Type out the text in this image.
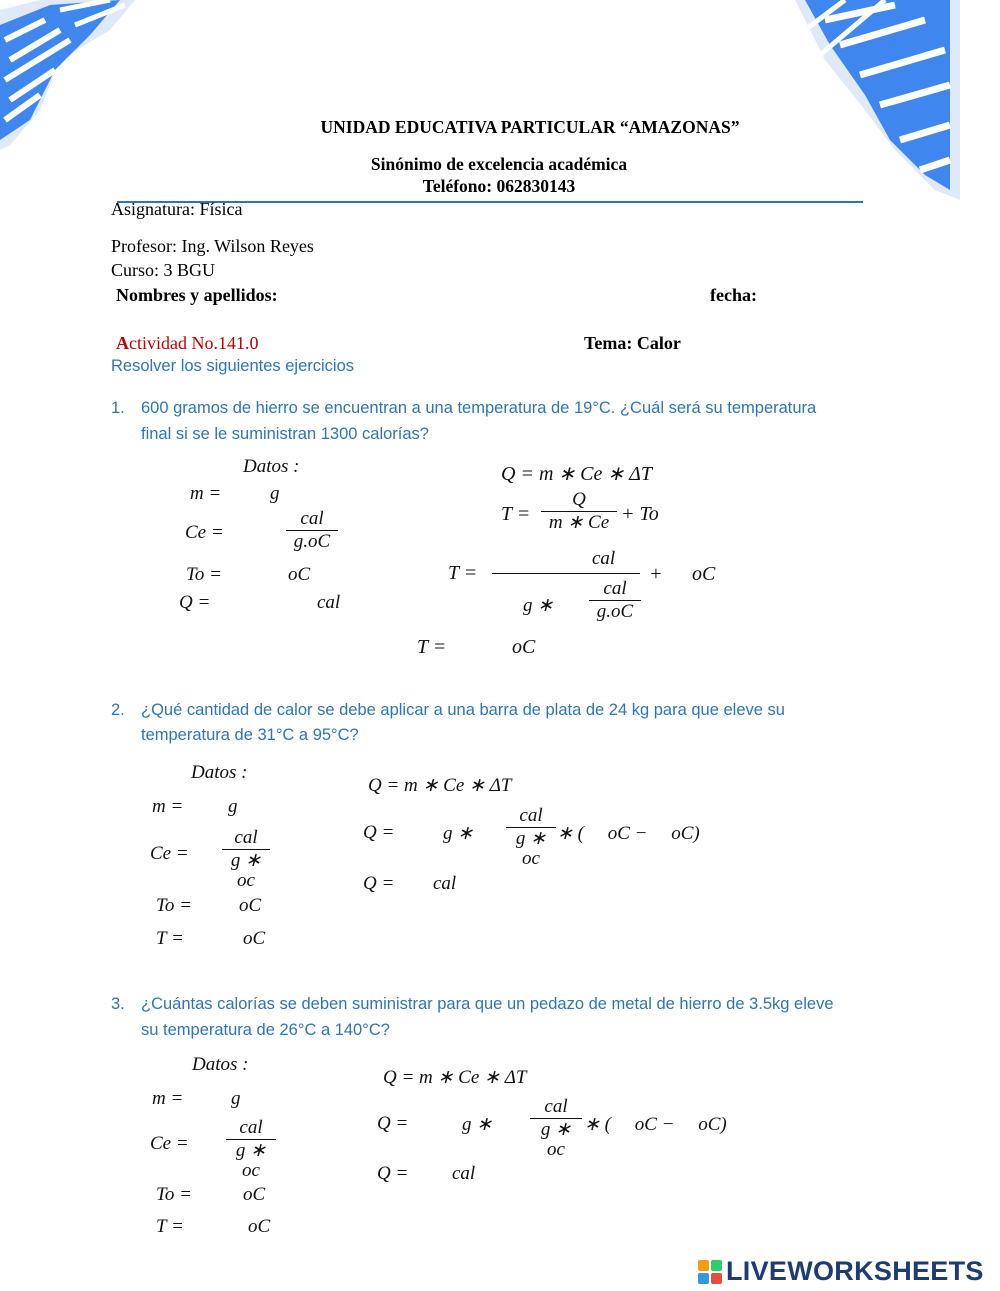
UNIDAD EDUCATIVA PARTICULAR “AMAZONAS”
Sinónimo de excelencia académica
Teléfono: 062830143
Asignatura: Física
Profesor: Ing. Wilson Reyes
Curso: 3 BGU
Nombres y apellidos:	fecha:
Actividad No.141.0	Tema: Calor
Resolver los siguientes ejercicios
1. 600 gramos de hierro se encuentran a una temperatura de 19°C. ¿Cuál será su temperatura
final si se le suministran 1300 calorías?
Datos :
m =	g
Ce =
cal
g.oC
To =	oC
Q =	cal
Q = m ∗ Ce ∗ ΔT
T =
Q
m ∗ Ce + To
T =
cal
g ∗
cal
g.oC
+ oC
T =	oC
2. ¿Qué cantidad de calor se debe aplicar a una barra de plata de 24 kg para que eleve su
temperatura de 31°C a 95°C?
Datos :
m = g
Ce =
cal
g ∗ oc
To = oC
T =	oC
Q = m ∗ Ce ∗ ΔT
Q =	g ∗
cal
g ∗ oc
∗ (     oC −     oC)
Q = cal
3. ¿Cuántas calorías se deben suministrar para que un pedazo de metal de hierro de 3.5kg eleve
su temperatura de 26°C a 140°C?
Datos :
m =	g
Ce =
cal
g ∗ oc
To =	oC
T =	oC
Q = m ∗ Ce ∗ ΔT
Q =	g ∗
cal
g ∗ oc
∗ (     oC −     oC)
Q = cal
LIVEWORKSHEETS
